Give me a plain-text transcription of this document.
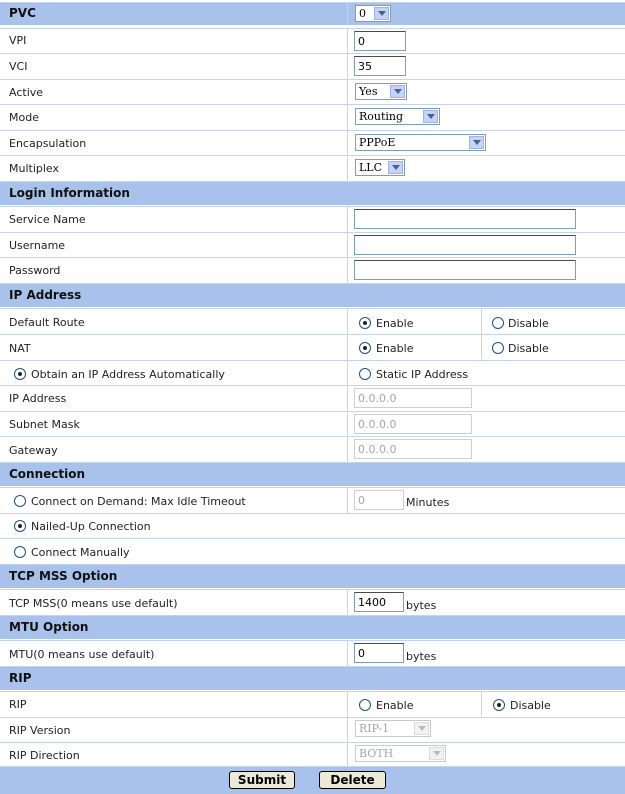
PVC	0
VPI	0
VCI	35
Active	Yes
Mode	Routing
Encapsulation	PPPoE
Multiplex	LLC
Login Information
Service Name
Username
Password
IP Address
Default Route	Enable	Disable
NAT	Enable	Disable
Obtain an IP Address Automatically	Static IP Address
IP Address	0.0.0.0
Subnet Mask	0.0.0.0
Gateway	0.0.0.0
Connection
Connect on Demand: Max Idle Timeout	0	Minutes
Nailed-Up Connection
Connect Manually
TCP MSS Option
TCP MSS(0 means use default)	1400	bytes
MTU Option
MTU(0 means use default)	0	bytes
RIP
RIP	Enable	Disable
RIP Version	RIP-1
RIP Direction	BOTH
Submit	Delete
